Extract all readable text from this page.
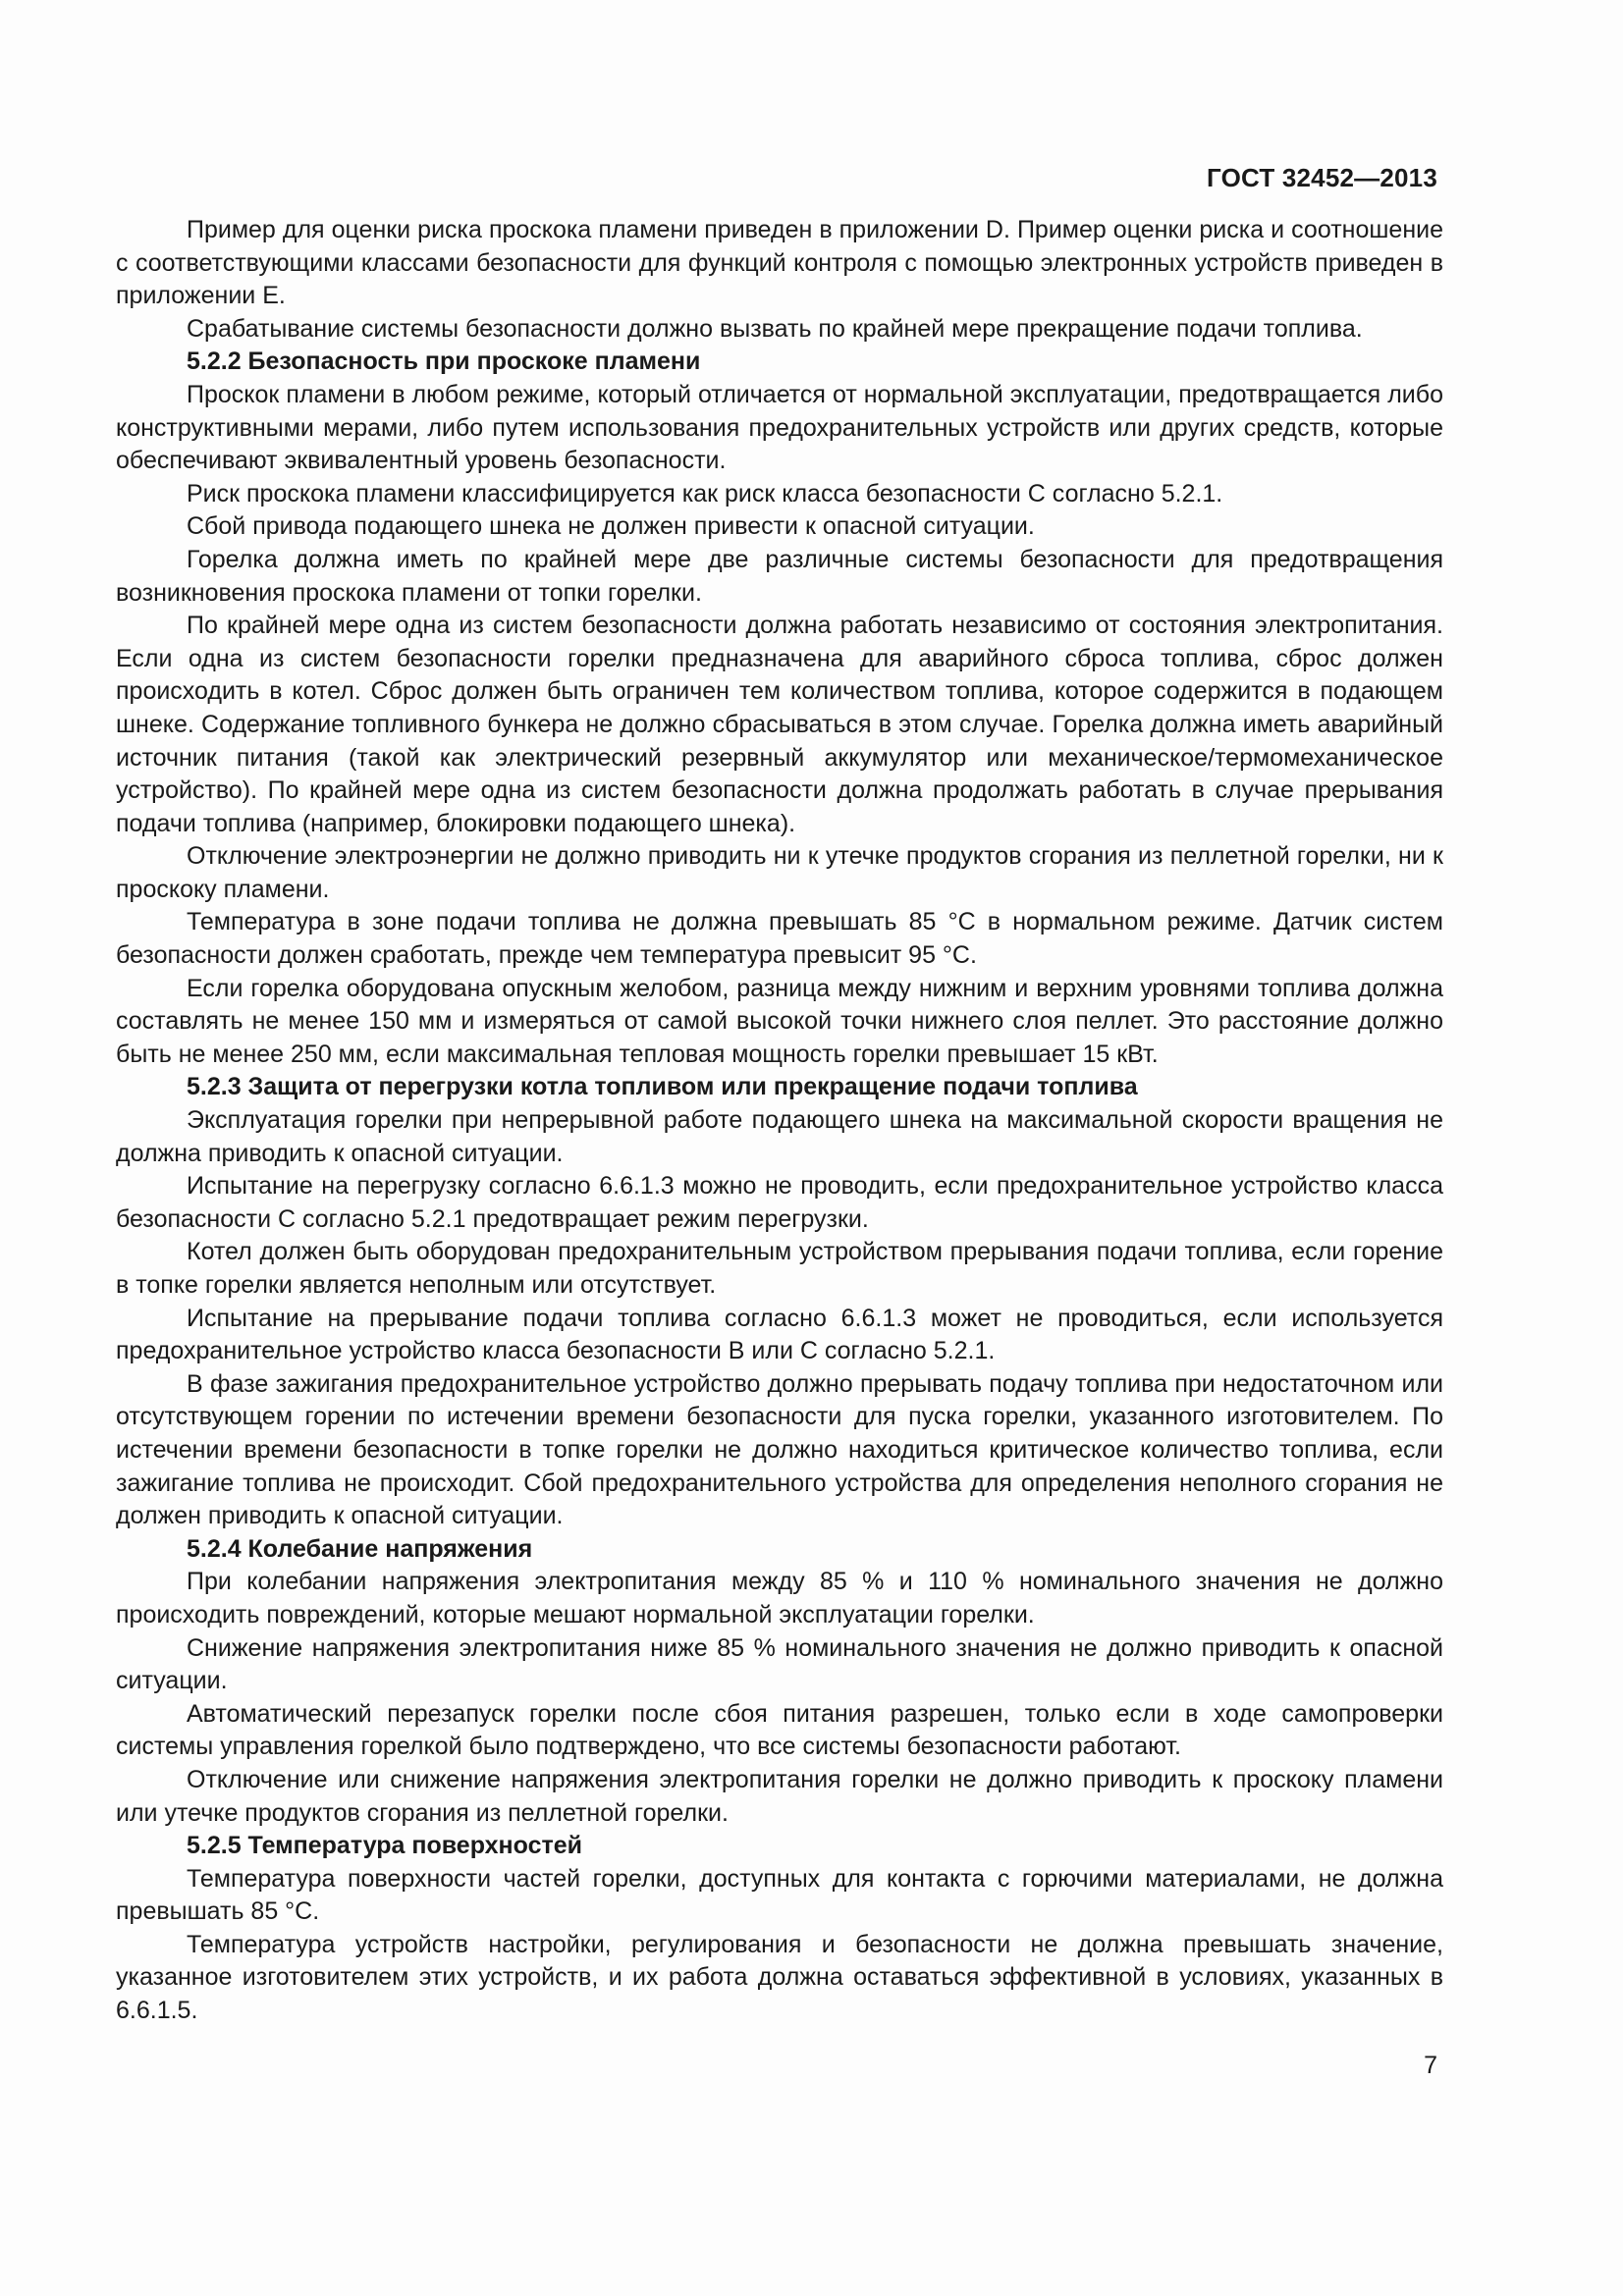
ГОСТ 32452—2013

Пример для оценки риска проскока пламени приведен в приложении D. Пример оценки риска и соотношение с соответствующими классами безопасности для функций контроля с помощью электронных устройств приведен в приложении Е.

Срабатывание системы безопасности должно вызвать по крайней мере прекращение подачи топлива.

5.2.2 Безопасность при проскоке пламени

Проскок пламени в любом режиме, который отличается от нормальной эксплуатации, предотвращается либо конструктивными мерами, либо путем использования предохранительных устройств или других средств, которые обеспечивают эквивалентный уровень безопасности.

Риск проскока пламени классифицируется как риск класса безопасности С согласно 5.2.1.

Сбой привода подающего шнека не должен привести к опасной ситуации.

Горелка должна иметь по крайней мере две различные системы безопасности для предотвращения возникновения проскока пламени от топки горелки.

По крайней мере одна из систем безопасности должна работать независимо от состояния электропитания. Если одна из систем безопасности горелки предназначена для аварийного сброса топлива, сброс должен происходить в котел. Сброс должен быть ограничен тем количеством топлива, которое содержится в подающем шнеке. Содержание топливного бункера не должно сбрасываться в этом случае. Горелка должна иметь аварийный источник питания (такой как электрический резервный аккумулятор или механическое/термомеханическое устройство). По крайней мере одна из систем безопасности должна продолжать работать в случае прерывания подачи топлива (например, блокировки подающего шнека).

Отключение электроэнергии не должно приводить ни к утечке продуктов сгорания из пеллетной горелки, ни к проскоку пламени.

Температура в зоне подачи топлива не должна превышать 85 °С в нормальном режиме. Датчик систем безопасности должен сработать, прежде чем температура превысит 95 °С.

Если горелка оборудована опускным желобом, разница между нижним и верхним уровнями топлива должна составлять не менее 150 мм и измеряться от самой высокой точки нижнего слоя пеллет. Это расстояние должно быть не менее 250 мм, если максимальная тепловая мощность горелки превышает 15 кВт.

5.2.3 Защита от перегрузки котла топливом или прекращение подачи топлива

Эксплуатация горелки при непрерывной работе подающего шнека на максимальной скорости вращения не должна приводить к опасной ситуации.

Испытание на перегрузку согласно 6.6.1.3 можно не проводить, если предохранительное устройство класса безопасности С согласно 5.2.1 предотвращает режим перегрузки.

Котел должен быть оборудован предохранительным устройством прерывания подачи топлива, если горение в топке горелки является неполным или отсутствует.

Испытание на прерывание подачи топлива согласно 6.6.1.3 может не проводиться, если используется предохранительное устройство класса безопасности В или С согласно 5.2.1.

В фазе зажигания предохранительное устройство должно прерывать подачу топлива при недостаточном или отсутствующем горении по истечении времени безопасности для пуска горелки, указанного изготовителем. По истечении времени безопасности в топке горелки не должно находиться критическое количество топлива, если зажигание топлива не происходит. Сбой предохранительного устройства для определения неполного сгорания не должен приводить к опасной ситуации.

5.2.4 Колебание напряжения

При колебании напряжения электропитания между 85 % и 110 % номинального значения не должно происходить повреждений, которые мешают нормальной эксплуатации горелки.

Снижение напряжения электропитания ниже 85 % номинального значения не должно приводить к опасной ситуации.

Автоматический перезапуск горелки после сбоя питания разрешен, только если в ходе самопроверки системы управления горелкой было подтверждено, что все системы безопасности работают.

Отключение или снижение напряжения электропитания горелки не должно приводить к проскоку пламени или утечке продуктов сгорания из пеллетной горелки.

5.2.5 Температура поверхностей

Температура поверхности частей горелки, доступных для контакта с горючими материалами, не должна превышать 85 °С.

Температура устройств настройки, регулирования и безопасности не должна превышать значение, указанное изготовителем этих устройств, и их работа должна оставаться эффективной в условиях, указанных в 6.6.1.5.

7
